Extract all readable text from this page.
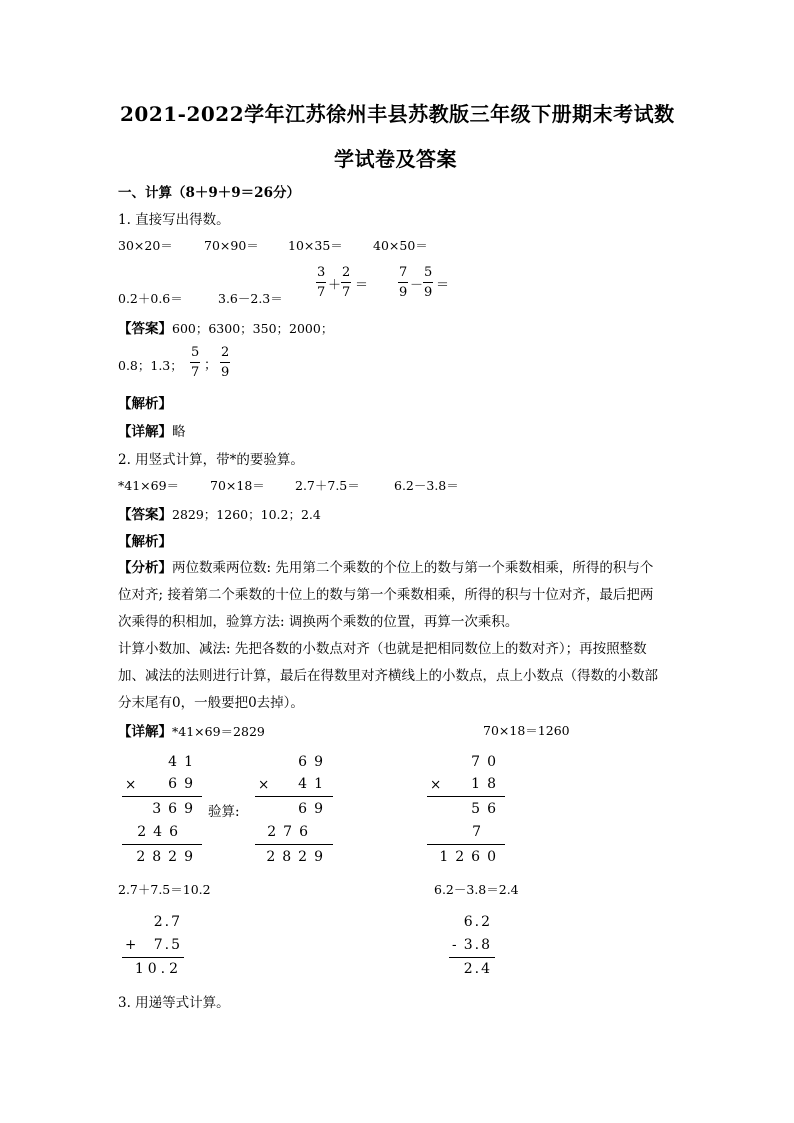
2021-2022学年江苏徐州丰县苏教版三年级下册期末考试数
学试卷及答案
一、计算（8＋9＋9＝26分）
1. 直接写出得数。
30×20＝ 70×90＝ 10×35＝ 40×50＝
0.2＋0.6＝	3.6－2.3＝
3
7 ＋
2
7 ＝
7
9 －
5
9 ＝
【答案】600；6300；350；2000；
0.8；1.3；
5
7 ；
2
9
【解析】
【详解】略
2. 用竖式计算，带*的要验算。
*41×69＝ 70×18＝ 2.7＋7.5＝	6.2－3.8＝
【答案】2829；1260；10.2；2.4
【解析】
【分析】两位数乘两位数: 先用第二个乘数的个位上的数与第一个乘数相乘，所得的积与个
位对齐; 接着第二个乘数的十位上的数与第一个乘数相乘，所得的积与十位对齐，最后把两
次乘得的积相加，验算方法: 调换两个乘数的位置，再算一次乘积。
计算小数加、减法: 先把各数的小数点对齐（也就是把相同数位上的数对齐）；再按照整数
加、减法的法则进行计算，最后在得数里对齐横线上的小数点，点上小数点（得数的小数部
分末尾有0，一般要把0去掉）。
【详解】*41×69＝2829	70×18＝1260
41
× 69
369
246
2829
验算:
69
× 41
69
276
2829
70
× 18
56
7
1260
2.7＋7.5＝10.2	6.2－3.8＝2.4
2.7
+ 7.5
10.2
6.2
- 3.8
2.4
3. 用递等式计算。
